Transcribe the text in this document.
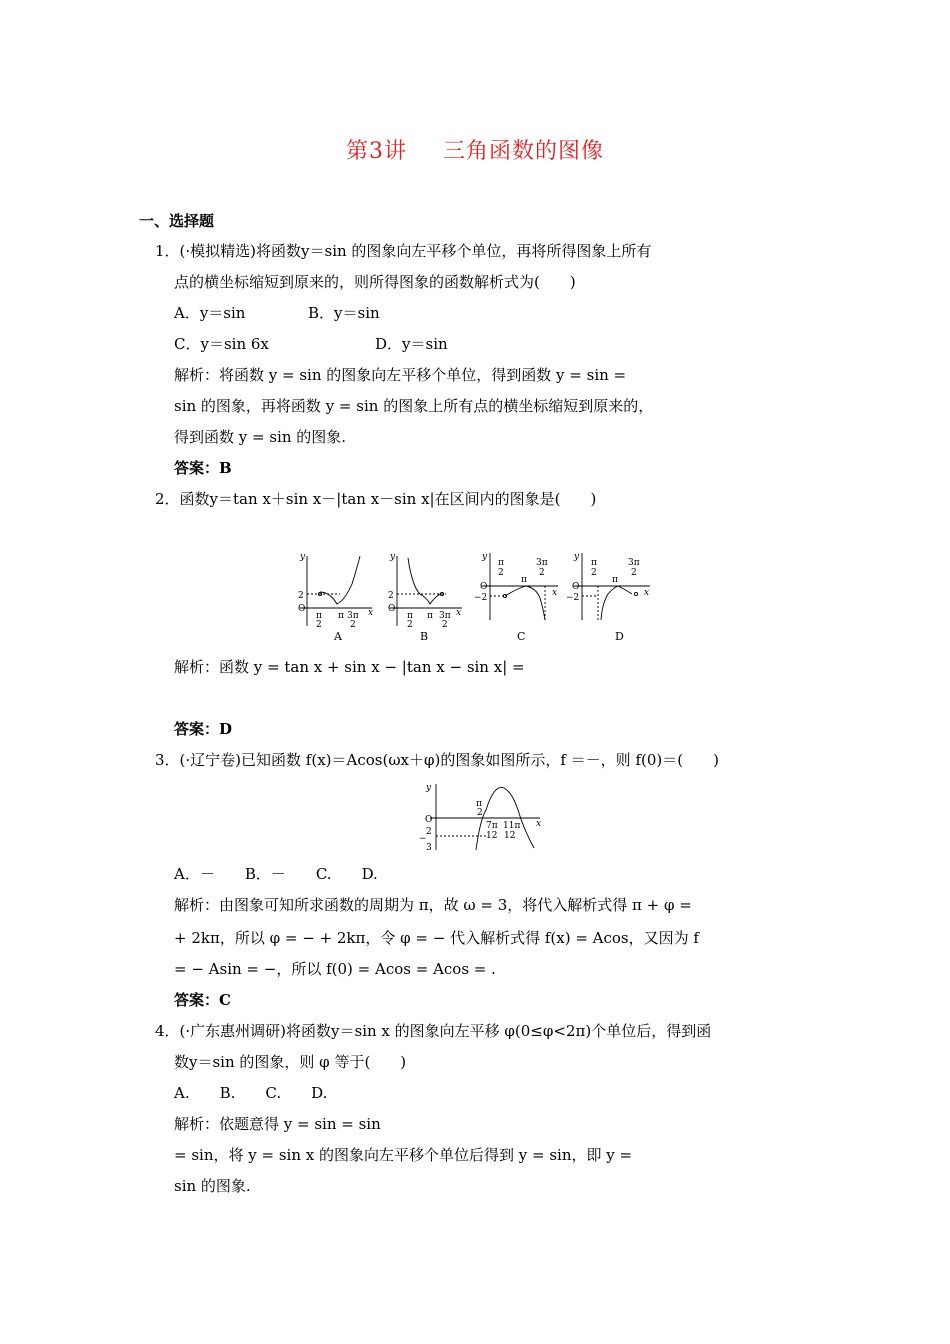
第3讲 三角函数的图像
一、选择题
1．(·模拟精选)将函数y＝sin 的图象向左平移个单位，再将所得图象上所有
点的横坐标缩短到原来的，则所得图象的函数解析式为(　　)
A．y＝sin	B．y＝sin
C．y＝sin 6x	D．y＝sin
解析：将函数 y = sin 的图象向左平移个单位，得到函数 y = sin =
sin 的图象，再将函数 y = sin 的图象上所有点的横坐标缩短到原来的，
得到函数 y = sin 的图象.
答案：B
2．函数y＝tan x＋sin x－|tan x－sin x|在区间内的图象是(　　)
y
2
O
π
2
π 3π
2
x
y
2
O
π
2
π 3π
2
x
y
π
2
π
3π
2
O
−2	x
y
π
2
π
3π
2
O
−2	x
A	B	C	D
解析：函数 y = tan x + sin x − |tan x − sin x| =
答案：D
3．(·辽宁卷)已知函数 f(x)＝Acos(ωx＋φ)的图象如图所示，f ＝－，则 f(0)＝(　　)
y
O
π
2
2
−
3
7π
12
11π
12
x
A．－　　B．－　　C.　　D.
解析：由图象可知所求函数的周期为 π，故 ω = 3，将代入解析式得 π + φ =
+ 2kπ，所以 φ = − + 2kπ，令 φ = − 代入解析式得 f(x) = Acos，又因为 f
= − Asin = −，所以 f(0) = Acos = Acos = .
答案：C
4．(·广东惠州调研)将函数y＝sin x 的图象向左平移 φ(0≤φ<2π)个单位后，得到函
数y＝sin 的图象，则 φ 等于(　　)
A.　　B.　　C.　　D.
解析：依题意得 y = sin = sin
= sin，将 y = sin x 的图象向左平移个单位后得到 y = sin，即 y =
sin 的图象.
